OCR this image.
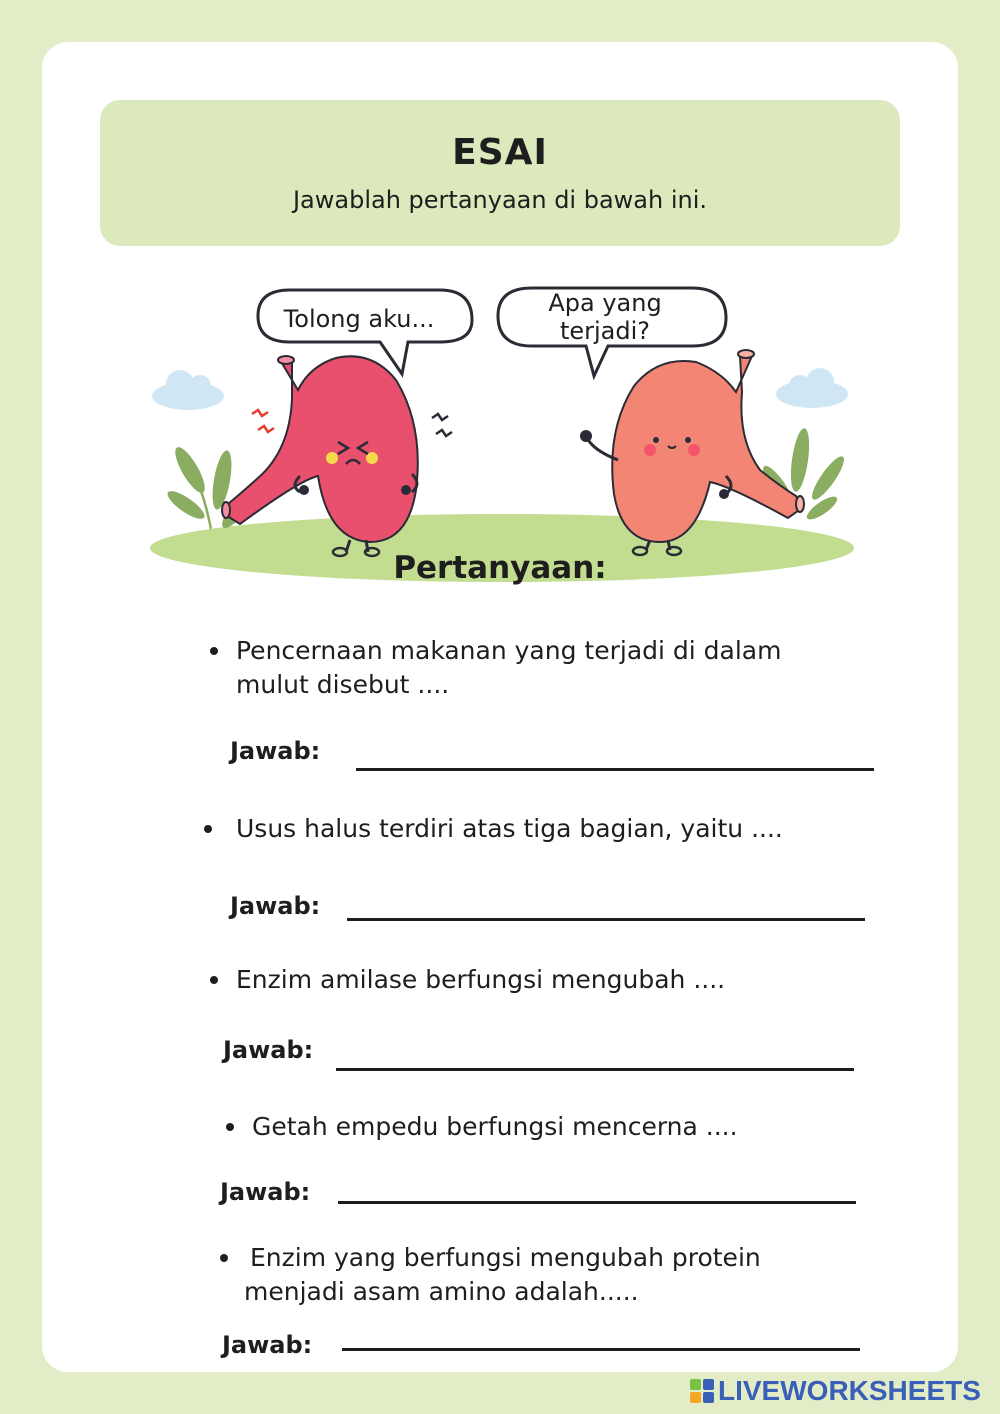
ESAI
Jawablah pertanyaan di bawah ini.
Tolong aku...
Apa yang
terjadi?
Pertanyaan:
Pencernaan makanan yang terjadi di dalam
mulut disebut ....
Jawab:
Usus halus terdiri atas tiga bagian, yaitu ....
Jawab:
Enzim amilase berfungsi mengubah ....
Jawab:
Getah empedu berfungsi mencerna ....
Jawab:
Enzim yang berfungsi mengubah protein
menjadi asam amino adalah.....
Jawab:
LIVEWORKSHEETS
